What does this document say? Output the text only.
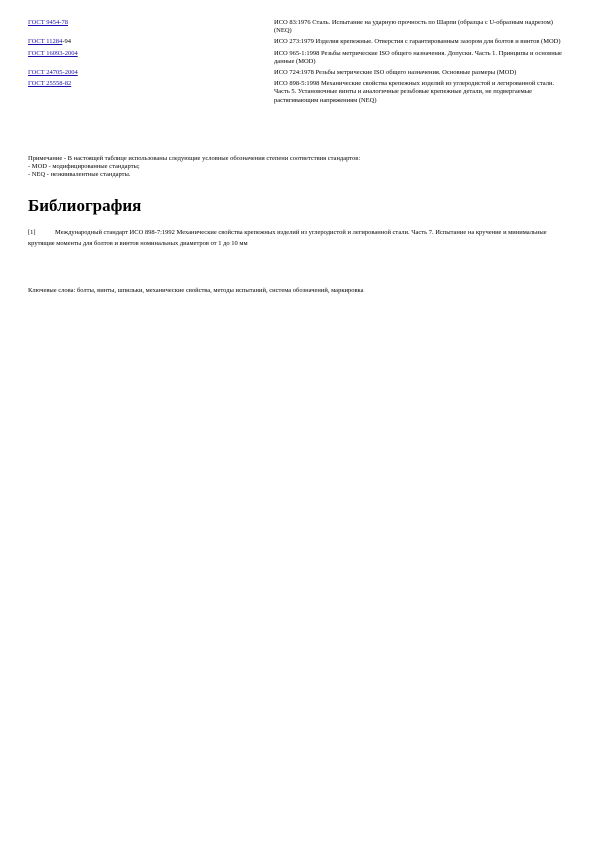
ГОСТ 9454-78	ИСО 83:1976 Сталь. Испытание на ударную прочность по Шарпи (образцы с U-образным надрезом) (NEQ)
ГОСТ 11284-94	ИСО 273:1979 Изделия крепежные. Отверстия с гарантированным зазором для болтов и винтов (MOD)
ГОСТ 16093-2004	ИСО 965-1:1998 Резьбы метрические ISO общего назначения. Допуски. Часть 1. Принципы и основные данные (MOD)
ГОСТ 24705-2004	ИСО 724:1978 Резьбы метрические ISO общего назначения. Основные размеры (MOD)
ГОСТ 25558-82	ИСО 898-5:1998 Механические свойства крепежных изделий из углеродистой и легированной стали. Часть 5. Установочные винты и аналогичные резьбовые крепежные детали, не подвергаемые растягивающим напряжениям (NEQ)
Примечание - В настоящей таблице использованы следующие условные обозначения степени соответствия стандартов:
- MOD - модифицированные стандарты;
- NEQ - неэквивалентные стандарты.
Библиография
[1]	Международный стандарт ИСО 898-7:1992 Механические свойства крепежных изделий из углеродистой и легированной стали. Часть 7. Испытание на кручение и минимальные крутящие моменты для болтов и винтов номинальных диаметров от 1 до 10 мм
Ключевые слова: болты, винты, шпильки, механические свойства, методы испытаний, система обозначений, маркировка
